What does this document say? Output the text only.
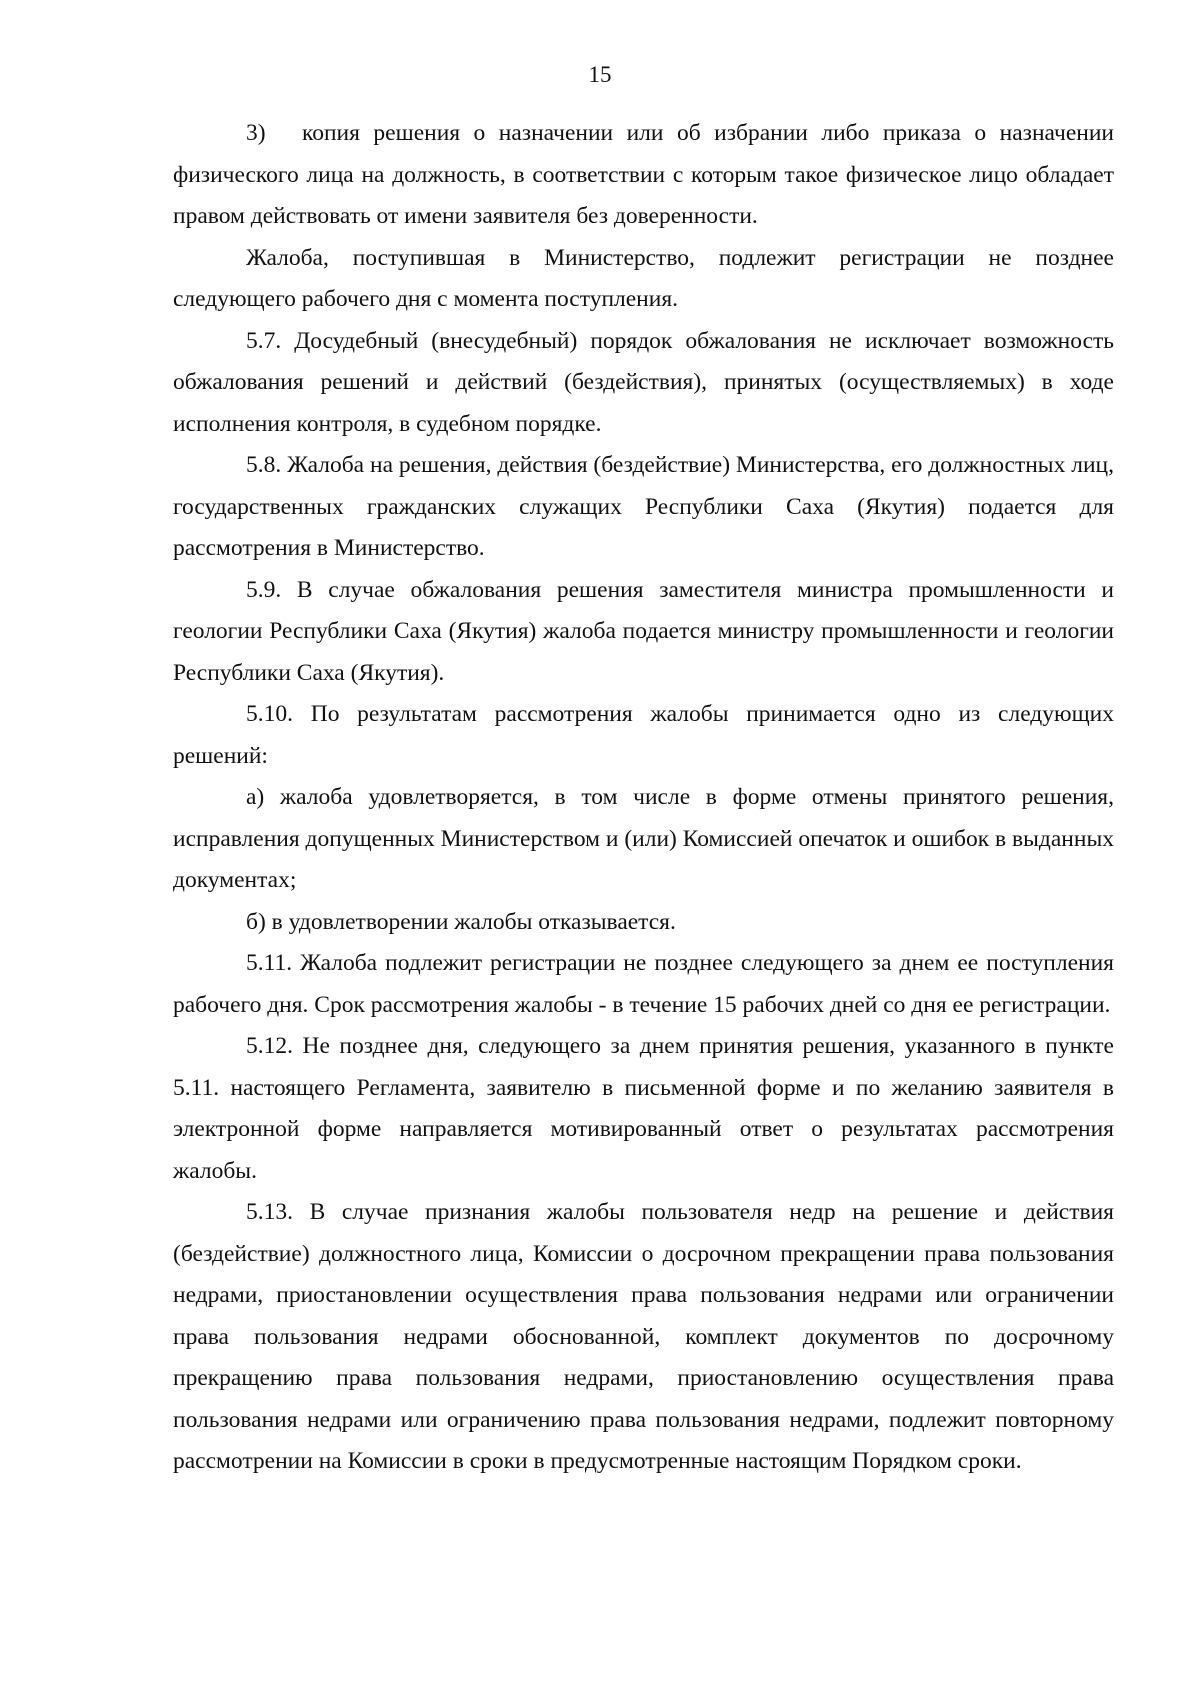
15

3) копия решения о назначении или об избрании либо приказа о назначении физического лица на должность, в соответствии с которым такое физическое лицо обладает правом действовать от имени заявителя без доверенности.

Жалоба, поступившая в Министерство, подлежит регистрации не позднее следующего рабочего дня с момента поступления.

5.7. Досудебный (внесудебный) порядок обжалования не исключает возможность обжалования решений и действий (бездействия), принятых (осуществляемых) в ходе исполнения контроля, в судебном порядке.

5.8. Жалоба на решения, действия (бездействие) Министерства, его должностных лиц, государственных гражданских служащих Республики Саха (Якутия) подается для рассмотрения в Министерство.

5.9. В случае обжалования решения заместителя министра промышленности и геологии Республики Саха (Якутия) жалоба подается министру промышленности и геологии Республики Саха (Якутия).

5.10. По результатам рассмотрения жалобы принимается одно из следующих решений:

а) жалоба удовлетворяется, в том числе в форме отмены принятого решения, исправления допущенных Министерством и (или) Комиссией опечаток и ошибок в выданных документах;

б) в удовлетворении жалобы отказывается.

5.11. Жалоба подлежит регистрации не позднее следующего за днем ее поступления рабочего дня. Срок рассмотрения жалобы - в течение 15 рабочих дней со дня ее регистрации.

5.12. Не позднее дня, следующего за днем принятия решения, указанного в пункте 5.11. настоящего Регламента, заявителю в письменной форме и по желанию заявителя в электронной форме направляется мотивированный ответ о результатах рассмотрения жалобы.

5.13. В случае признания жалобы пользователя недр на решение и действия (бездействие) должностного лица, Комиссии о досрочном прекращении права пользования недрами, приостановлении осуществления права пользования недрами или ограничении права пользования недрами обоснованной, комплект документов по досрочному прекращению права пользования недрами, приостановлению осуществления права пользования недрами или ограничению права пользования недрами, подлежит повторному рассмотрении на Комиссии в сроки в предусмотренные настоящим Порядком сроки.
